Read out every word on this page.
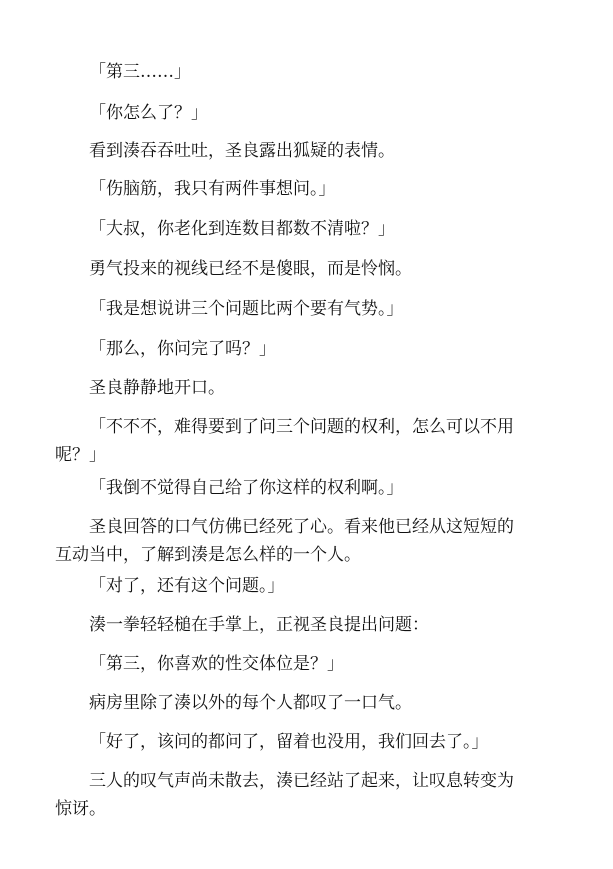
「第三……」

「你怎么了？」

看到湊吞吞吐吐，圣良露出狐疑的表情。

「伤脑筋，我只有两件事想问。」

「大叔，你老化到连数目都数不清啦？」

勇气投来的视线已经不是傻眼，而是怜悯。

「我是想说讲三个问题比两个要有气势。」

「那么，你问完了吗？」

圣良静静地开口。

「不不不，难得要到了问三个问题的权利，怎么可以不用呢？」

「我倒不觉得自己给了你这样的权利啊。」

圣良回答的口气仿佛已经死了心。看来他已经从这短短的互动当中，了解到湊是怎么样的一个人。

「对了，还有这个问题。」

湊一拳轻轻槌在手掌上，正视圣良提出问题：

「第三，你喜欢的性交体位是？」

病房里除了湊以外的每个人都叹了一口气。

「好了，该问的都问了，留着也没用，我们回去了。」

三人的叹气声尚未散去，湊已经站了起来，让叹息转变为惊讶。
